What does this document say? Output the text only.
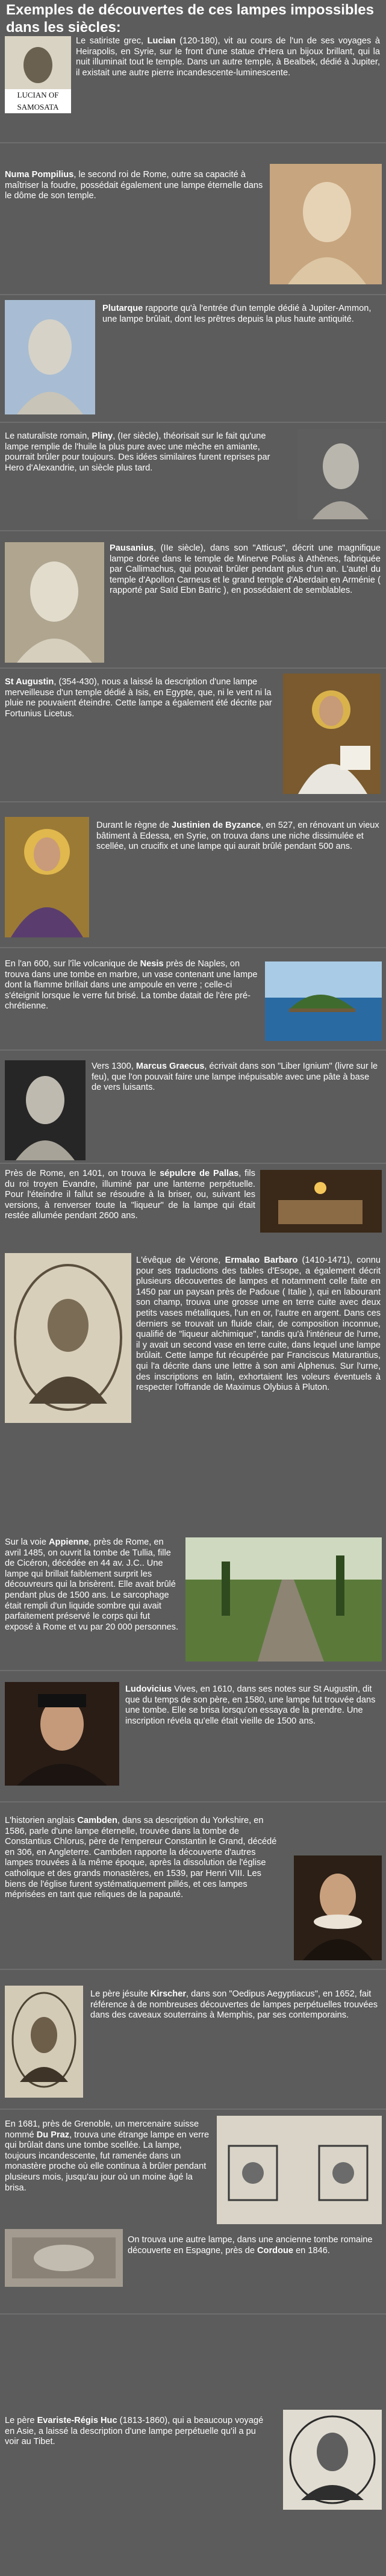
Exemples de découvertes de ces lampes impossibles dans les siècles:
LUCIAN OF SAMOSATA
Le satiriste grec, Lucian (120-180), vit au cours de l'un de ses voyages à Heirapolis, en Syrie, sur le front d'une statue d'Hera un bijoux brillant, qui la nuit illuminait tout le temple. Dans un autre temple, à Bealbek, dédié à Jupiter, il existait une autre pierre incandescente-luminescente.
Numa Pompilius, le second roi de Rome, outre sa capacité à maîtriser la foudre, possédait également une lampe éternelle dans le dôme de son temple.
Plutarque rapporte qu'à l'entrée d'un temple dédié à Jupiter-Ammon, une lampe brûlait, dont les prêtres depuis la plus haute antiquité.
Le naturaliste romain, Pliny, (Ier siècle), théorisait sur le fait qu'une lampe remplie de l'huile la plus pure avec une mèche en amiante, pourrait brûler pour toujours. Des idées similaires furent reprises par Hero d'Alexandrie, un siècle plus tard.
Pausanius, (IIe siècle), dans son "Atticus", décrit une magnifique lampe dorée dans le temple de Minerve Polias à Athènes, fabriquée par Callimachus, qui pouvait brûler pendant plus d'un an. L'autel du temple d'Apollon Carneus et le grand temple d'Aberdain en Arménie ( rapporté par Saïd Ebn Batric ), en possédaient de semblables.
St Augustin, (354-430), nous a laissé la description d'une lampe merveilleuse d'un temple dédié à Isis, en Egypte, que, ni le vent ni la pluie ne pouvaient éteindre. Cette lampe a également été décrite par Fortunius Licetus.
Durant le règne de Justinien de Byzance, en 527, en rénovant un vieux bâtiment à Edessa, en Syrie, on trouva dans une niche dissimulée et scellée, un crucifix et une lampe qui aurait brûlé pendant 500 ans.
En l'an 600, sur l'île volcanique de Nesis près de Naples, on trouva dans une tombe en marbre, un vase contenant une lampe dont la flamme brillait dans une ampoule en verre ; celle-ci s'éteignit lorsque le verre fut brisé. La tombe datait de l'ère pré-chrétienne.
Vers 1300, Marcus Graecus, écrivait dans son "Liber Ignium" (livre sur le feu), que l'on pouvait faire une lampe inépuisable avec une pâte à base de vers luisants.
Près de Rome, en 1401, on trouva le sépulcre de Pallas, fils du roi troyen Evandre, illuminé par une lanterne perpétuelle. Pour l'éteindre il fallut se résoudre à la briser, ou, suivant les versions, à renverser toute la "liqueur" de la lampe qui était restée allumée pendant 2600 ans.
L'évêque de Vérone, Ermalao Barbaro (1410-1471), connu pour ses traductions des tables d'Esope, a également décrit plusieurs découvertes de lampes et notamment celle faite en 1450 par un paysan près de Padoue ( Italie ), qui en labourant son champ, trouva une grosse urne en terre cuite avec deux petits vases métalliques, l'un en or, l'autre en argent. Dans ces derniers se trouvait un fluide clair, de composition inconnue, qualifié de "liqueur alchimique", tandis qu'à l'intérieur de l'urne, il y avait un second vase en terre cuite, dans lequel une lampe brûlait. Cette lampe fut récupérée par Franciscus Maturantius, qui l'a décrite dans une lettre à son ami Alphenus. Sur l'urne, des inscriptions en latin, exhortaient les voleurs éventuels à respecter l'offrande de Maximus Olybius à Pluton.
Sur la voie Appienne, près de Rome, en avril 1485, on ouvrit la tombe de Tullia, fille de Cicéron, décédée en 44 av. J.C.. Une lampe qui brillait faiblement surprit les découvreurs qui la brisèrent. Elle avait brûlé pendant plus de 1500 ans. Le sarcophage était rempli d'un liquide sombre qui avait parfaitement préservé le corps qui fut exposé à Rome et vu par 20 000 personnes.
Ludovicius Vives, en 1610, dans ses notes sur St Augustin, dit que du temps de son père, en 1580, une lampe fut trouvée dans une tombe. Elle se brisa lorsqu'on essaya de la prendre. Une inscription révéla qu'elle était vieille de 1500 ans.
L'historien anglais Cambden, dans sa description du Yorkshire, en 1586, parle d'une lampe éternelle, trouvée dans la tombe de Constantius Chlorus, père de l'empereur Constantin le Grand, décédé en 306, en Angleterre. Cambden rapporte la découverte d'autres lampes trouvées à la même époque, après la dissolution de l'église catholique et des grands monastères, en 1539, par Henri VIII. Les biens de l'église furent systématiquement pillés, et ces lampes méprisées en tant que reliques de la papauté.
Le père jésuite Kirscher, dans son "Oedipus Aegyptiacus", en 1652, fait référence à de nombreuses découvertes de lampes perpétuelles trouvées dans des caveaux souterrains à Memphis, par ses contemporains.
En 1681, près de Grenoble, un mercenaire suisse nommé Du Praz, trouva une étrange lampe en verre qui brûlait dans une tombe scellée. La lampe, toujours incandescente, fut ramenée dans un monastère proche où elle continua à brûler pendant plusieurs mois, jusqu'au jour où un moine âgé la brisa.
On trouva une autre lampe, dans une ancienne tombe romaine découverte en Espagne, près de Cordoue en 1846.
Le père Evariste-Régis Huc (1813-1860), qui a beaucoup voyagé en Asie, a laissé la description d'une lampe perpétuelle qu'il a pu voir au Tibet.
